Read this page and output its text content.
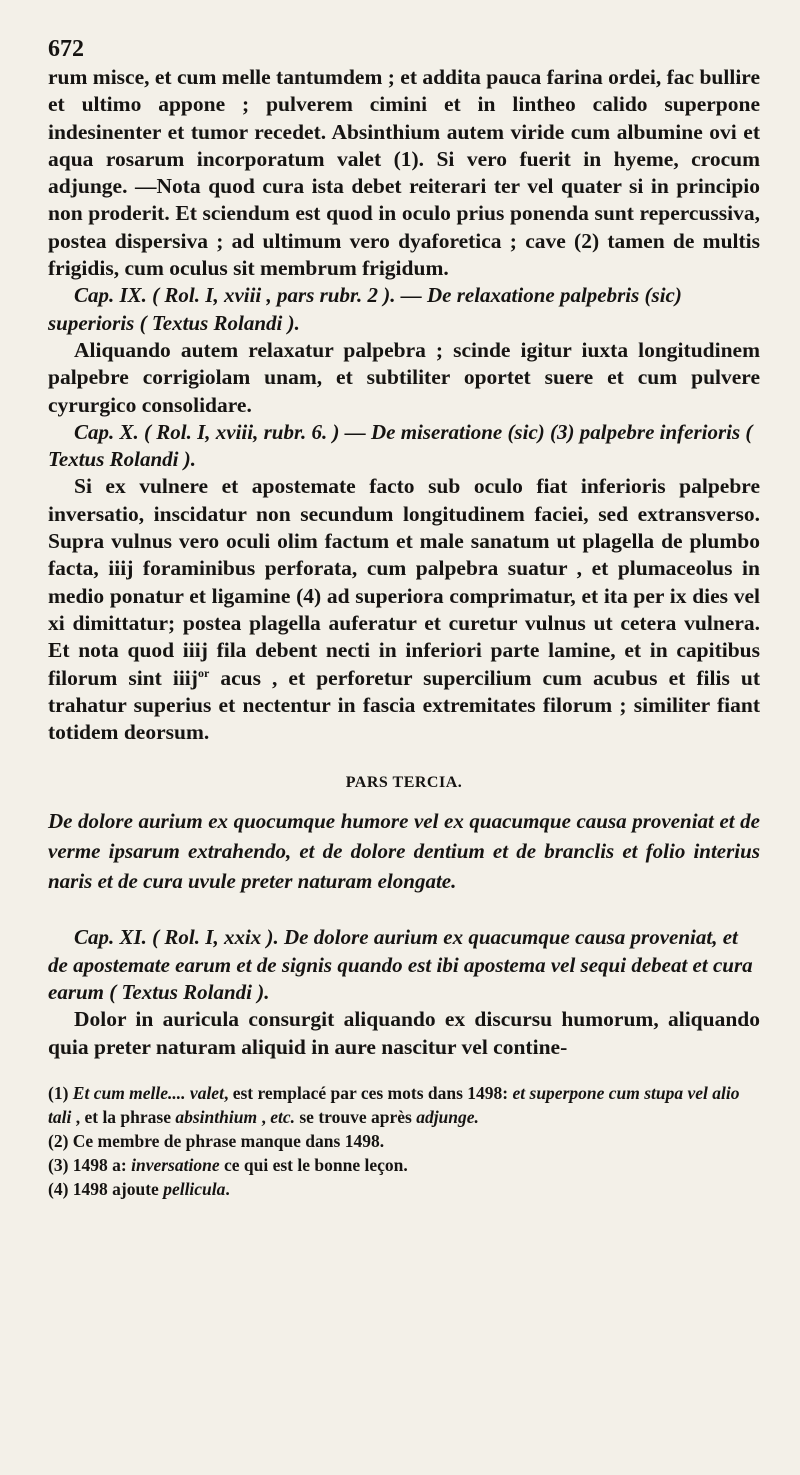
672

rum misce, et cum melle tantumdem ; et addita pauca farina ordei, fac bullire et ultimo appone ; pulverem cimini et in lintheo calido superpone indesinenter et tumor recedet. Absinthium autem viride cum albumine ovi et aqua rosarum incorporatum valet (1). Si vero fuerit in hyeme, crocum adjunge. —Nota quod cura ista debet reiterari ter vel quater si in principio non proderit. Et sciendum est quod in oculo prius ponenda sunt repercussiva, postea dispersiva ; ad ultimum vero dyaforetica ; cave (2) tamen de multis frigidis, cum oculus sit membrum frigidum.

Cap. IX. ( Rol. I, xviii , pars rubr. 2 ). — De relaxatione palpebris (sic) superioris ( Textus Rolandi ).

Aliquando autem relaxatur palpebra ; scinde igitur iuxta longitudinem palpebre corrigiolam unam, et subtiliter oportet suere et cum pulvere cyrurgico consolidare.

Cap. X. ( Rol. I, xviii, rubr. 6. ) — De miseratione (sic) (3) palpebre inferioris ( Textus Rolandi ).

Si ex vulnere et apostemate facto sub oculo fiat inferioris palpebre inversatio, inscidatur non secundum longitudinem faciei, sed extransverso. Supra vulnus vero oculi olim factum et male sanatum ut plagella de plumbo facta, iiij foraminibus perforata, cum palpebra suatur , et plumaceolus in medio ponatur et ligamine (4) ad superiora comprimatur, et ita per ix dies vel xi dimittatur; postea plagella auferatur et curetur vulnus ut cetera vulnera. Et nota quod iiij fila debent necti in inferiori parte lamine, et in capitibus filorum sint iiij$^{or}$ acus , et perforetur supercilium cum acubus et filis ut trahatur superius et nectentur in fascia extremitates filorum ; similiter fiant totidem deorsum.

PARS TERCIA.

De dolore aurium ex quocumque humore vel ex quacumque causa proveniat et de verme ipsarum extrahendo, et de dolore dentium et de branclis et folio interius naris et de cura uvule preter naturam elongate.

Cap. XI. ( Rol. I, xxix ). De dolore aurium ex quacumque causa proveniat, et de apostemate earum et de signis quando est ibi apostema vel sequi debeat et cura earum ( Textus Rolandi ).

Dolor in auricula consurgit aliquando ex discursu humorum, aliquando quia preter naturam aliquid in aure nascitur vel contine-

(1) Et cum melle.... valet, est remplacé par ces mots dans 1498: et superpone cum stupa vel alio tali , et la phrase absinthium , etc. se trouve après adjunge.

(2) Ce membre de phrase manque dans 1498.

(3) 1498 a: inversatione ce qui est le bonne leçon.

(4) 1498 ajoute pellicula.
